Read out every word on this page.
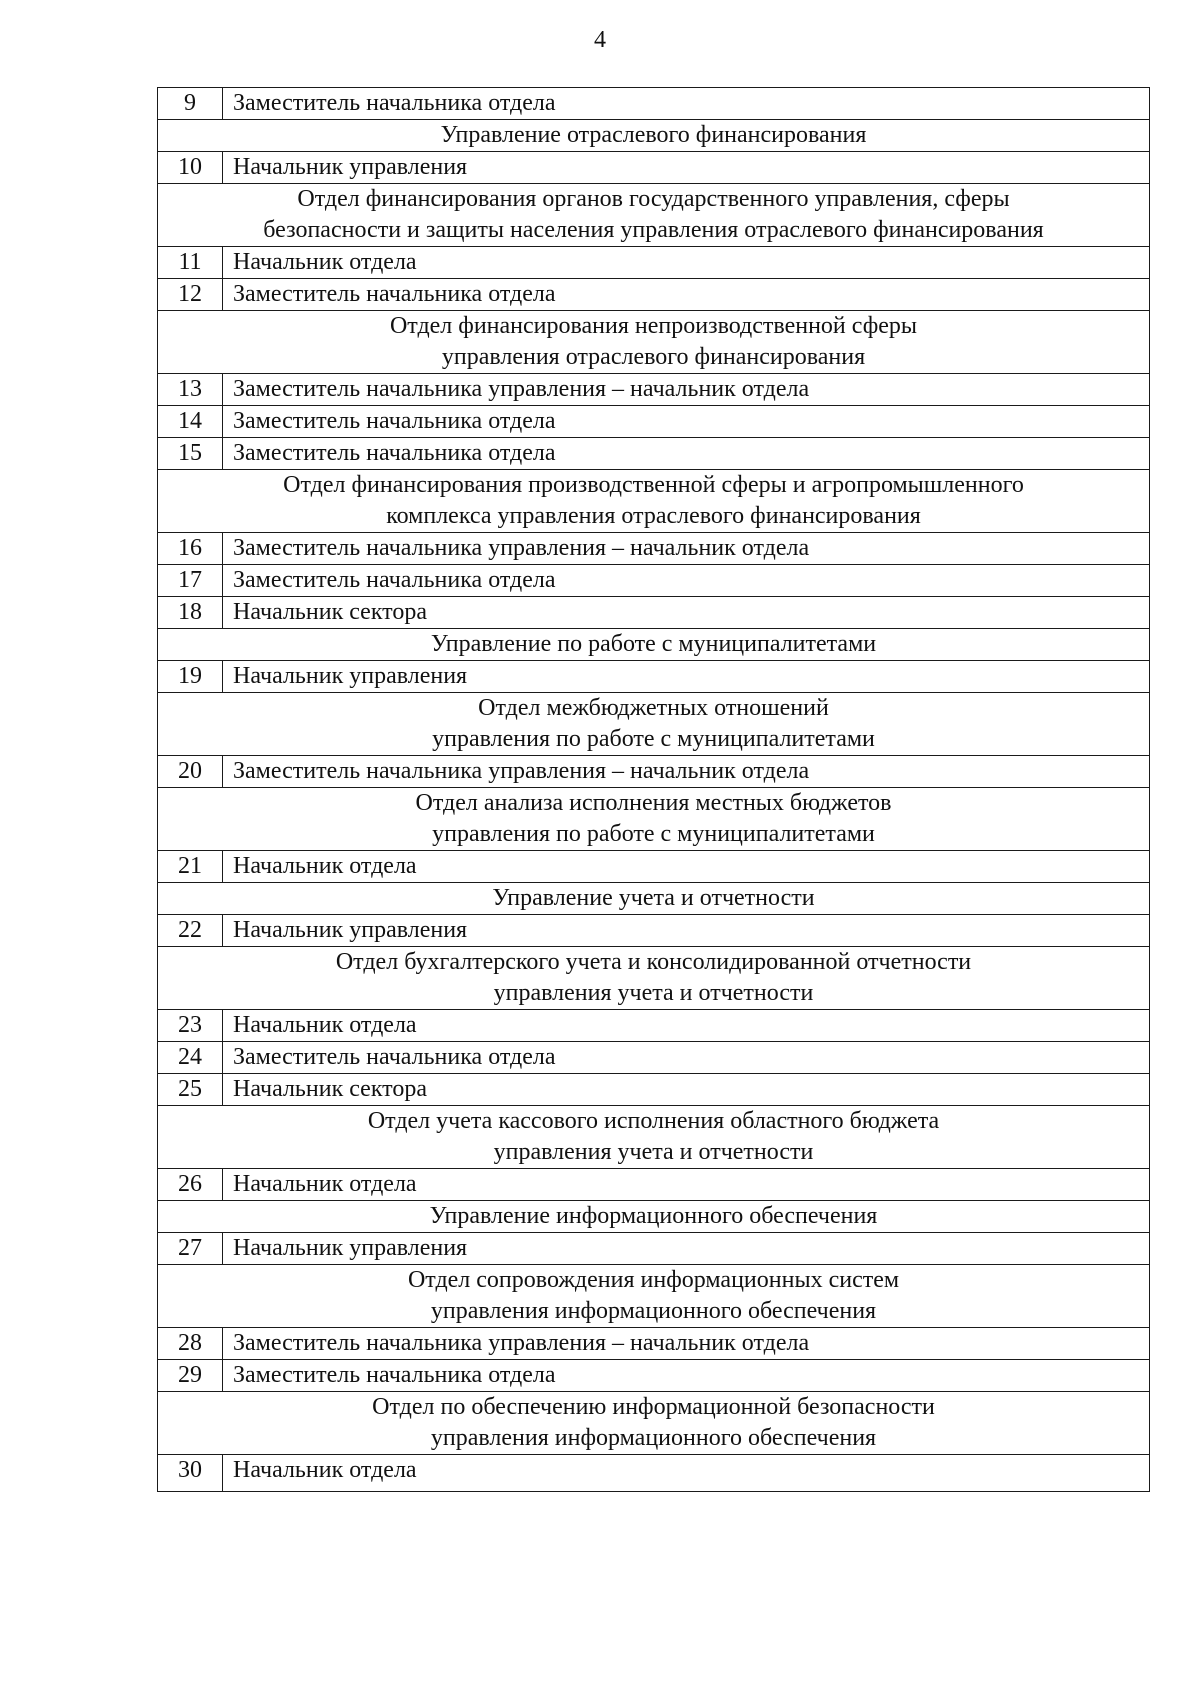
4
9	Заместитель начальника отдела
Управление отраслевого финансирования	
10	Начальник управления
Отдел финансирования органов государственного управления, сферы
безопасности и защиты населения управления отраслевого финансирования	
11	Начальник отдела
12	Заместитель начальника отдела
Отдел финансирования непроизводственной сферы
управления отраслевого финансирования	
13	Заместитель начальника управления – начальник отдела
14	Заместитель начальника отдела
15	Заместитель начальника отдела
Отдел финансирования производственной сферы и агропромышленного
комплекса управления отраслевого финансирования	
16	Заместитель начальника управления – начальник отдела
17	Заместитель начальника отдела
18	Начальник сектора
Управление по работе с муниципалитетами	
19	Начальник управления
Отдел межбюджетных отношений
управления по работе с муниципалитетами	
20	Заместитель начальника управления – начальник отдела
Отдел анализа исполнения местных бюджетов
управления по работе с муниципалитетами	
21	Начальник отдела
Управление учета и отчетности	
22	Начальник управления
Отдел бухгалтерского учета и консолидированной отчетности
управления учета и отчетности	
23	Начальник отдела
24	Заместитель начальника отдела
25	Начальник сектора
Отдел учета кассового исполнения областного бюджета
управления учета и отчетности	
26	Начальник отдела
Управление информационного обеспечения	
27	Начальник управления
Отдел сопровождения информационных систем
управления информационного обеспечения	
28	Заместитель начальника управления – начальник отдела
29	Заместитель начальника отдела
Отдел по обеспечению информационной безопасности
управления информационного обеспечения	
30	Начальник отдела
